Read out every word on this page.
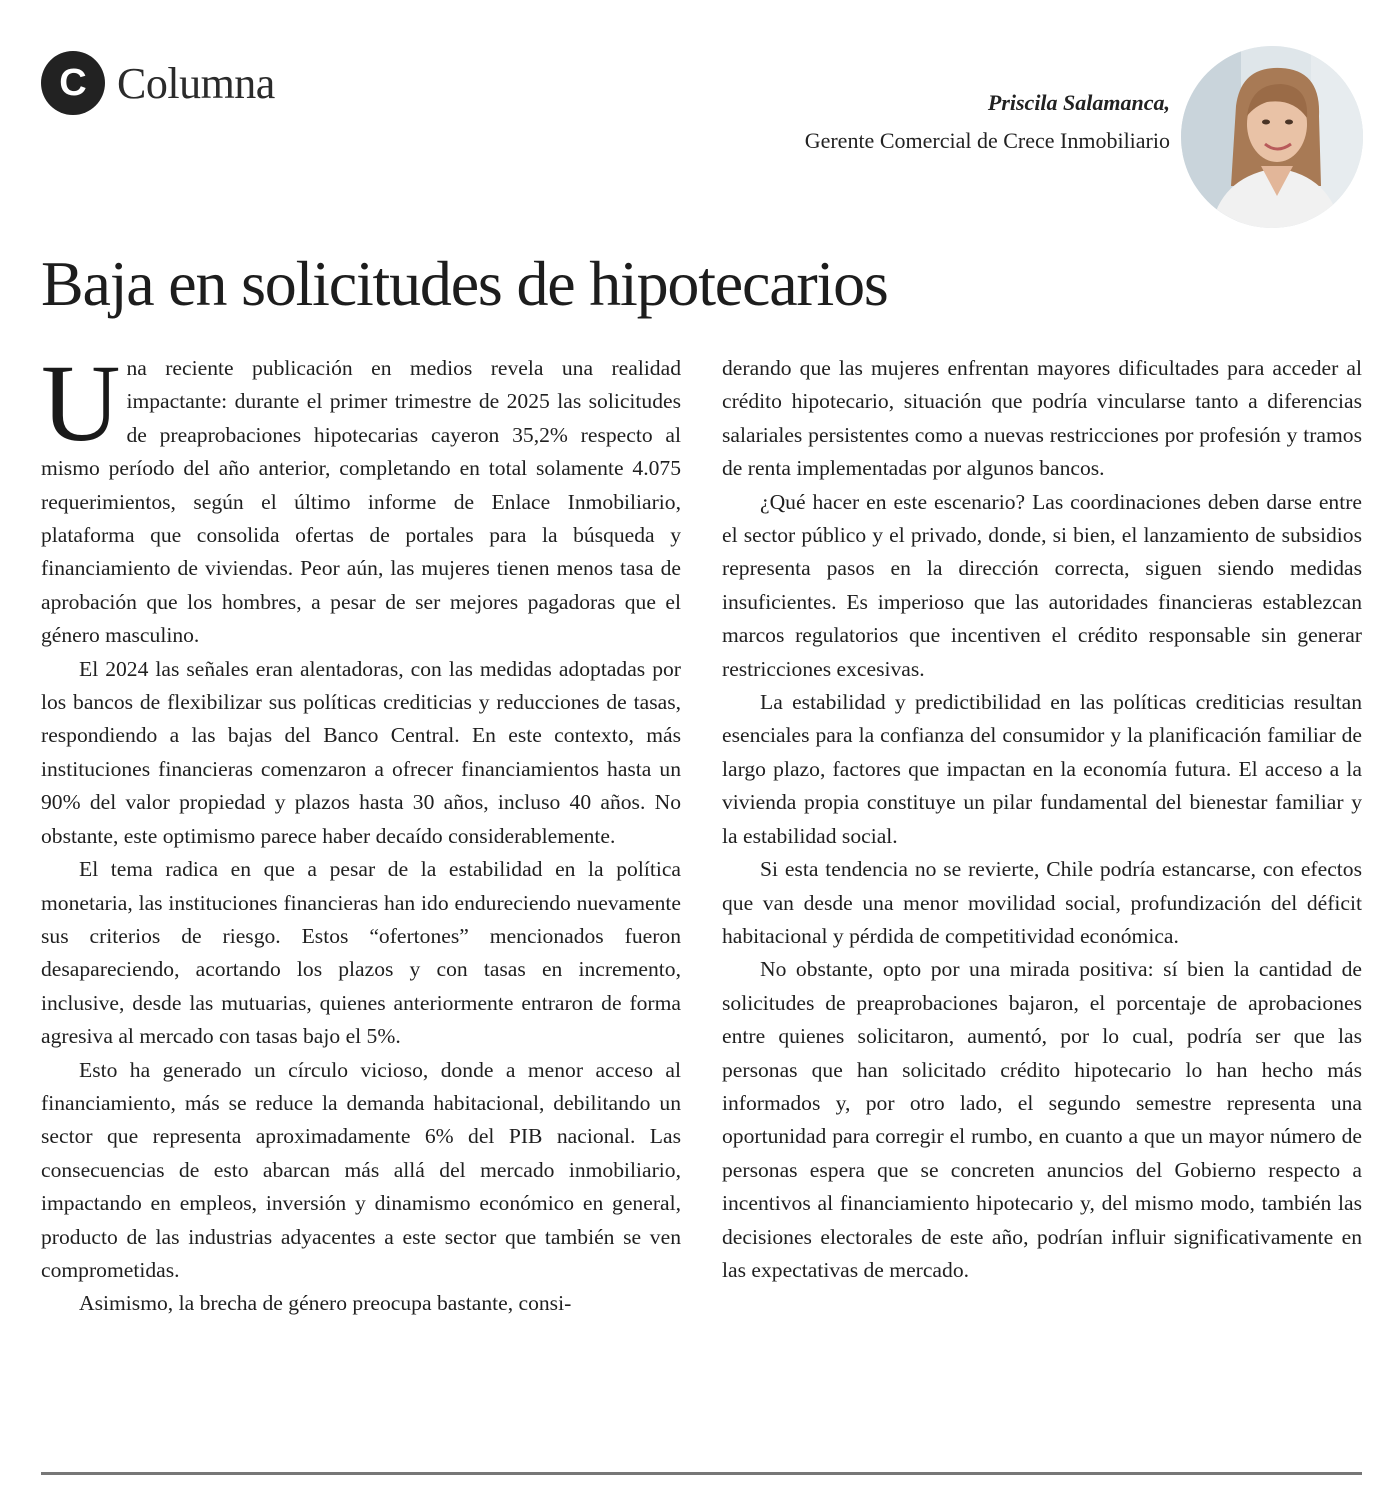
C Columna	Priscila Salamanca,
Gerente Comercial de Crece Inmobiliario
Baja en solicitudes de hipotecarios

Una reciente publicación en medios revela una realidad impactante: durante el primer trimestre de 2025 las solicitudes de preaprobaciones hipotecarias cayeron 35,2% respecto al mismo período del año anterior, completando en total solamente 4.075 requerimientos, según el último informe de Enlace Inmobiliario, plataforma que consolida ofertas de portales para la búsqueda y financiamiento de viviendas. Peor aún, las mujeres tienen menos tasa de aprobación que los hombres, a pesar de ser mejores pagadoras que el género masculino.

El 2024 las señales eran alentadoras, con las medidas adoptadas por los bancos de flexibilizar sus políticas crediticias y reducciones de tasas, respondiendo a las bajas del Banco Central. En este contexto, más instituciones financieras comenzaron a ofrecer financiamientos hasta un 90% del valor propiedad y plazos hasta 30 años, incluso 40 años. No obstante, este optimismo parece haber decaído considerablemente.

El tema radica en que a pesar de la estabilidad en la política monetaria, las instituciones financieras han ido endureciendo nuevamente sus criterios de riesgo. Estos “ofertones” mencionados fueron desapareciendo, acortando los plazos y con tasas en incremento, inclusive, desde las mutuarias, quienes anteriormente entraron de forma agresiva al mercado con tasas bajo el 5%.

Esto ha generado un círculo vicioso, donde a menor acceso al financiamiento, más se reduce la demanda habitacional, debilitando un sector que representa aproximadamente 6% del PIB nacional. Las consecuencias de esto abarcan más allá del mercado inmobiliario, impactando en empleos, inversión y dinamismo económico en general, producto de las industrias adyacentes a este sector que también se ven comprometidas.

Asimismo, la brecha de género preocupa bastante, consi-

derando que las mujeres enfrentan mayores dificultades para acceder al crédito hipotecario, situación que podría vincularse tanto a diferencias salariales persistentes como a nuevas restricciones por profesión y tramos de renta implementadas por algunos bancos.

¿Qué hacer en este escenario? Las coordinaciones deben darse entre el sector público y el privado, donde, si bien, el lanzamiento de subsidios representa pasos en la dirección correcta, siguen siendo medidas insuficientes. Es imperioso que las autoridades financieras establezcan marcos regulatorios que incentiven el crédito responsable sin generar restricciones excesivas.

La estabilidad y predictibilidad en las políticas crediticias resultan esenciales para la confianza del consumidor y la planificación familiar de largo plazo, factores que impactan en la economía futura. El acceso a la vivienda propia constituye un pilar fundamental del bienestar familiar y la estabilidad social.

Si esta tendencia no se revierte, Chile podría estancarse, con efectos que van desde una menor movilidad social, profundización del déficit habitacional y pérdida de competitividad económica.

No obstante, opto por una mirada positiva: sí bien la cantidad de solicitudes de preaprobaciones bajaron, el porcentaje de aprobaciones entre quienes solicitaron, aumentó, por lo cual, podría ser que las personas que han solicitado crédito hipotecario lo han hecho más informados y, por otro lado, el segundo semestre representa una oportunidad para corregir el rumbo, en cuanto a que un mayor número de personas espera que se concreten anuncios del Gobierno respecto a incentivos al financiamiento hipotecario y, del mismo modo, también las decisiones electorales de este año, podrían influir significativamente en las expectativas de mercado.
